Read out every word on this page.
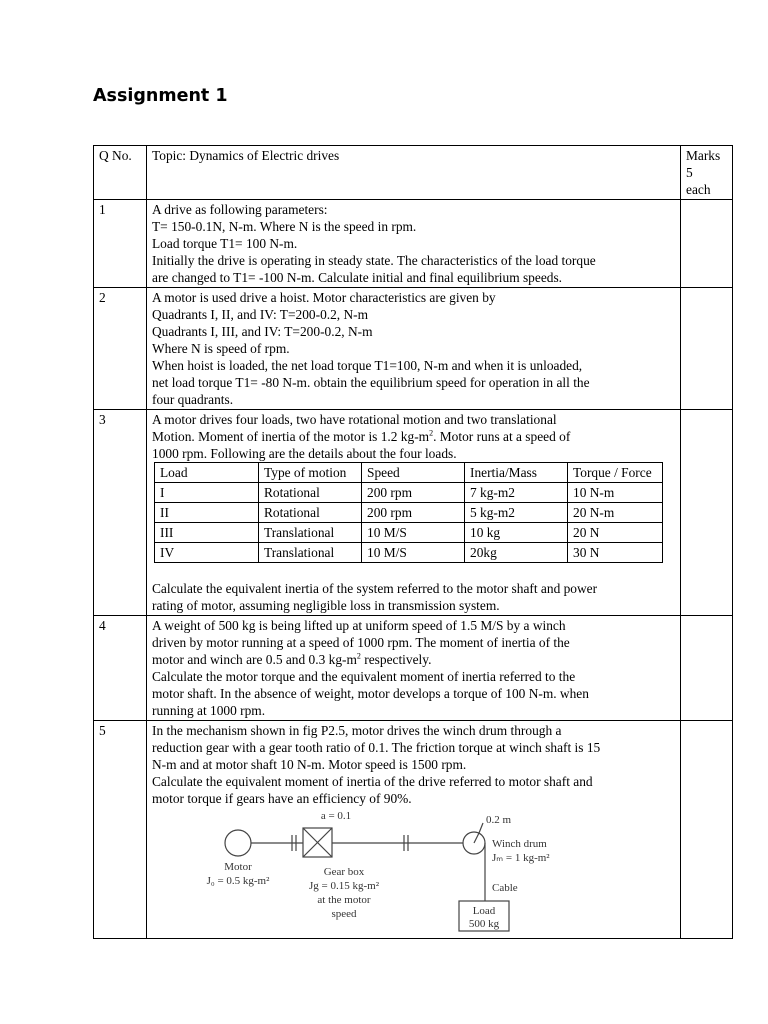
Assignment 1
Q No.	Topic: Dynamics of Electric drives	Marks
5
each

1	A drive as following parameters:
T= 150-0.1N, N-m. Where N is the speed in rpm.
Load torque T1= 100 N-m.
Initially the drive is operating in steady state. The characteristics of the load torque
are changed to T1= -100 N-m. Calculate initial and final equilibrium speeds.

2	A motor is used drive a hoist. Motor characteristics are given by
Quadrants I, II, and IV: T=200-0.2, N-m
Quadrants I, III, and IV: T=200-0.2, N-m
Where N is speed of rpm.
When hoist is loaded, the net load torque T1=100, N-m and when it is unloaded,
net load torque T1= -80 N-m. obtain the equilibrium speed for operation in all the
four quadrants.

3	A motor drives four loads, two have rotational motion and two translational
Motion. Moment of inertia of the motor is 1.2 $kg-m^2$. Motor runs at a speed of
1000 rpm. Following are the details about the four loads.
Load	Type of motion	Speed	Inertia/Mass	Torque / Force
I	Rotational	200 rpm	7 kg-m2	10 N-m
II	Rotational	200 rpm	5 kg-m2	20 N-m
III	Translational	10 M/S	10 kg	20 N
IV	Translational	10 M/S	20kg	30 N
Calculate the equivalent inertia of the system referred to the motor shaft and power
rating of motor, assuming negligible loss in transmission system.

4	A weight of 500 kg is being lifted up at uniform speed of 1.5 M/S by a winch
driven by motor running at a speed of 1000 rpm. The moment of inertia of the
motor and winch are 0.5 and 0.3 $kg-m^2$ respectively.
Calculate the motor torque and the equivalent moment of inertia referred to the
motor shaft. In the absence of weight, motor develops a torque of 100 N-m. when
running at 1000 rpm.

5	In the mechanism shown in fig P2.5, motor drives the winch drum through a
reduction gear with a gear tooth ratio of 0.1. The friction torque at winch shaft is 15
N-m and at motor shaft 10 N-m. Motor speed is 1500 rpm.
Calculate the equivalent moment of inertia of the drive referred to motor shaft and
motor torque if gears have an efficiency of 90%.
a = 0.1
Motor
J₀ = 0.5 kg-m²
Gear box
Jg = 0.15 kg-m²
at the motor
speed
0.2 m
Winch drum
Jₘ = 1 kg-m²
Cable
Load
500 kg
